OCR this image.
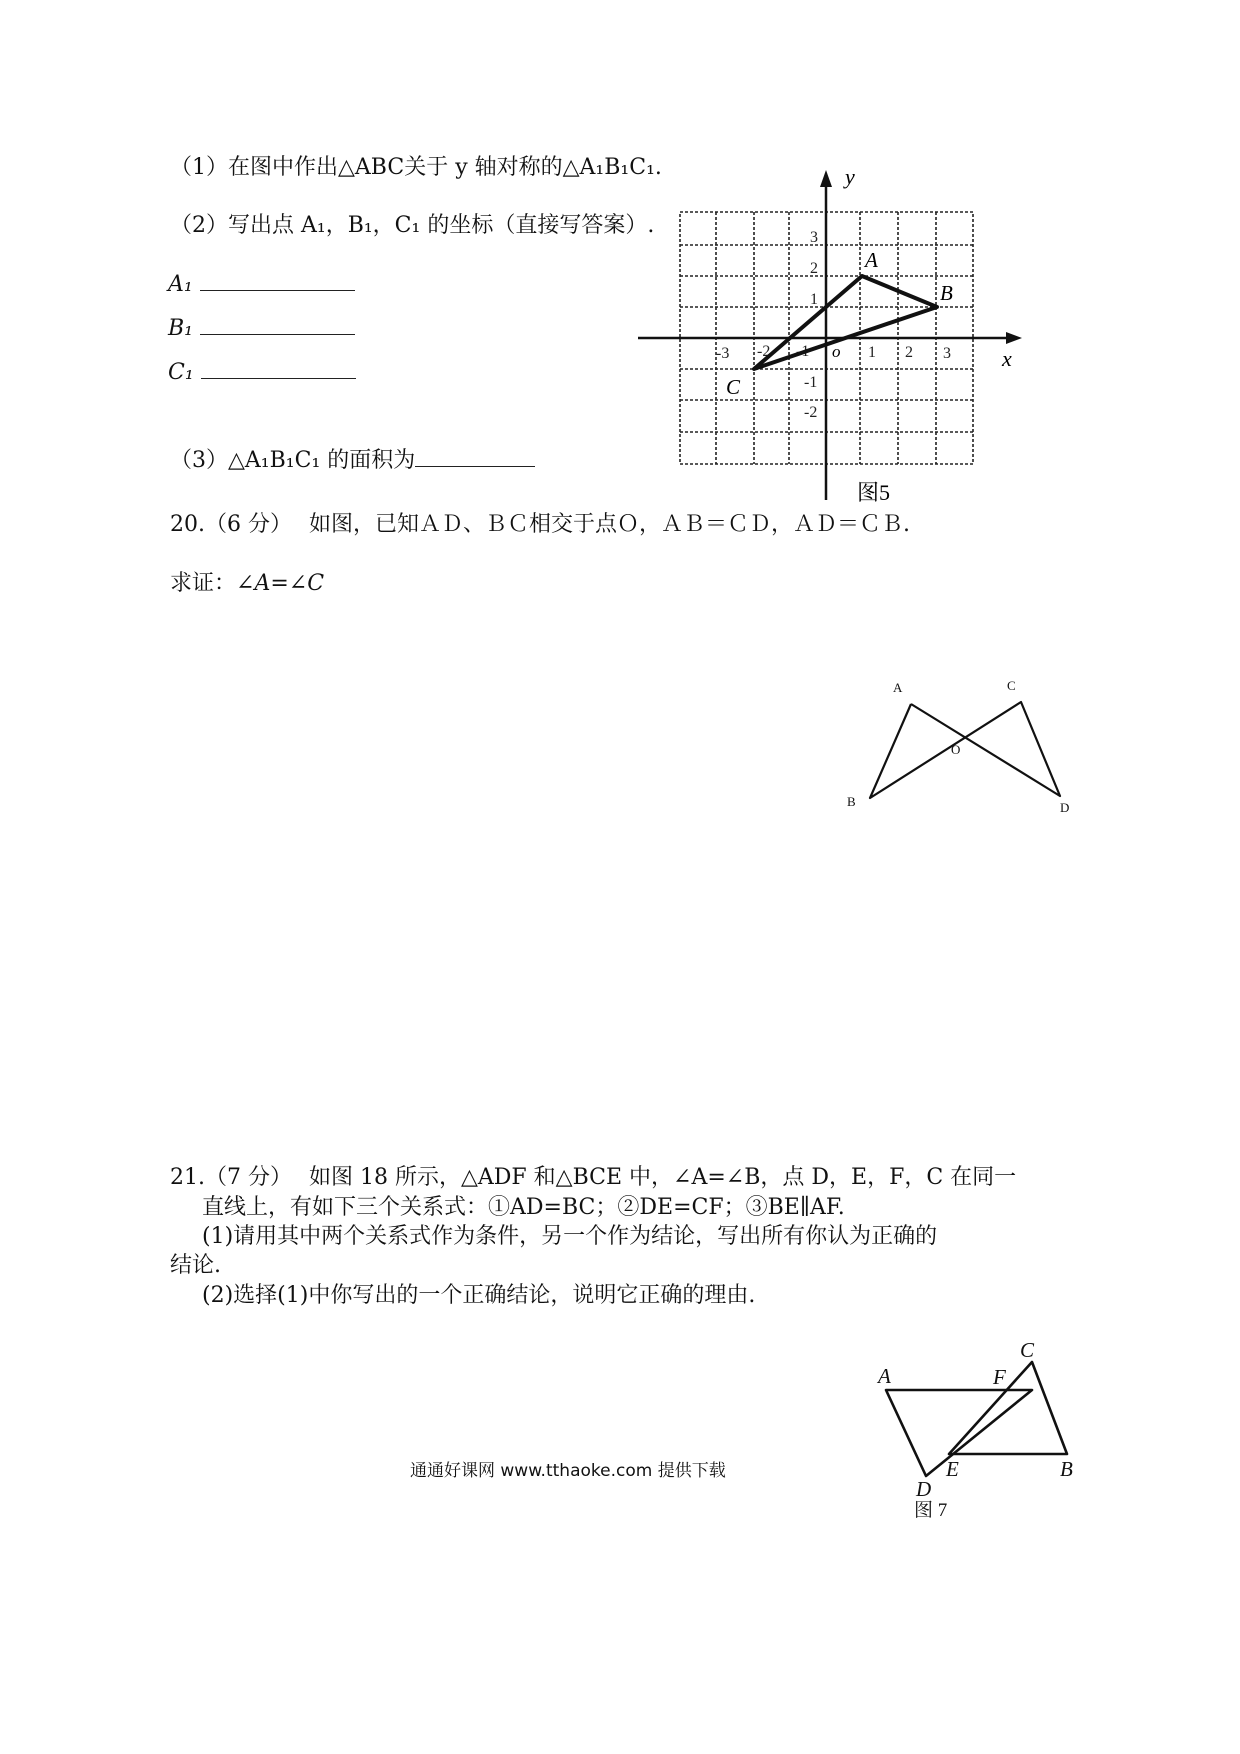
（1）在图中作出△ABC关于 y 轴对称的△A₁B₁C₁.
（2）写出点 A₁，B₁，C₁ 的坐标（直接写答案）.
A₁
B₁
C₁
（3）△A₁B₁C₁ 的面积为
y
x
o
-3 -2 -1	1 2 3
3
2
1
-1
-2
A
B
C
图5
20.（6 分） 如图，已知ＡＤ、ＢＣ相交于点Ｏ，ＡＢ＝ＣＤ，ＡＤ＝ＣＢ.
求证：∠A=∠C
A	C
O
B	D
21.（7 分） 如图 18 所示，△ADF 和△BCE 中，∠A=∠B，点 D，E，F，C 在同一
直线上，有如下三个关系式：①AD=BC；②DE=CF；③BE∥AF.
(1)请用其中两个关系式作为条件，另一个作为结论，写出所有你认为正确的
结论.
(2)选择(1)中你写出的一个正确结论，说明它正确的理由.
A	F
C
E	B
D
图 7
通通好课网 www.tthaoke.com 提供下载
